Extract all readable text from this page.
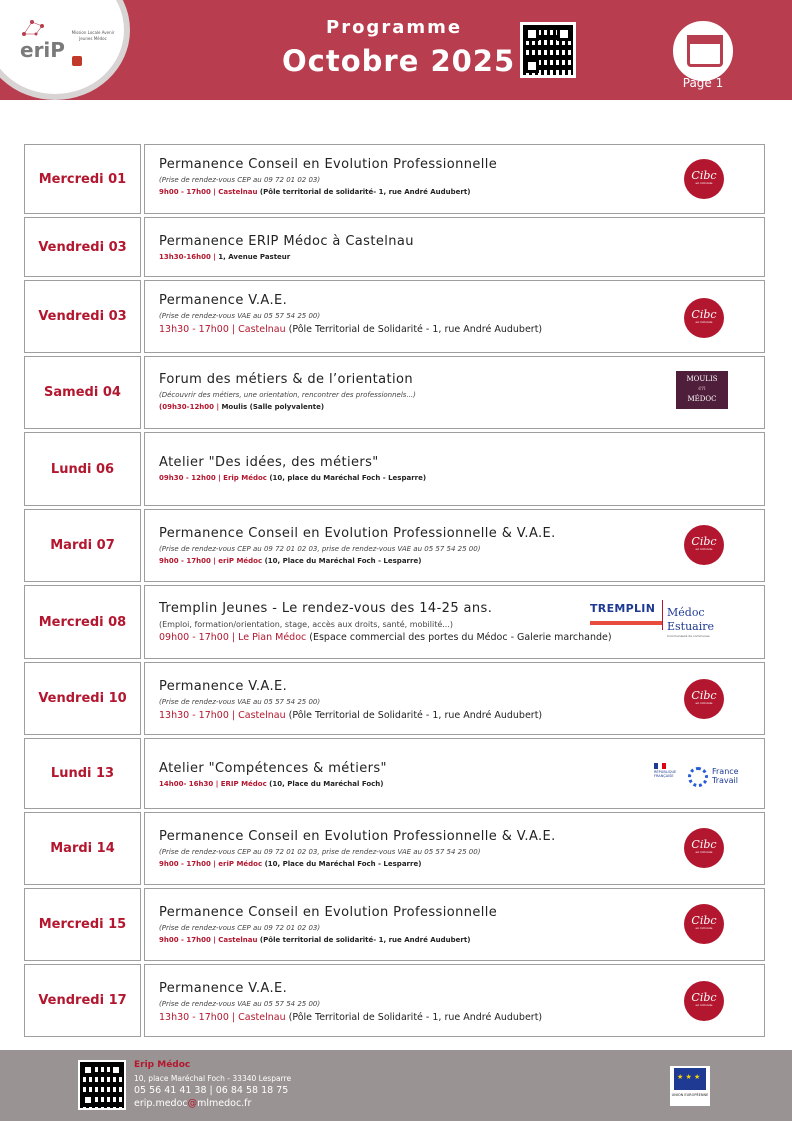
Programme
Octobre 2025
eriP
Mission Locale Avenir Jeunes Médoc
Page 1
Mercredi 01
Permanence Conseil en Evolution Professionnelle
(Prise de rendez-vous CEP au 09 72 01 02 03)
9h00 - 17h00 | Castelnau (Pôle territorial de solidarité- 1, rue André Audubert)
Cibc
en Gironde
Vendredi 03	Permanence ERIP Médoc à Castelnau
13h30-16h00 | 1, Avenue Pasteur
Vendredi 03
Permanence V.A.E.
(Prise de rendez-vous VAE au 05 57 54 25 00)
13h30 - 17h00 | Castelnau (Pôle Territorial de Solidarité - 1, rue André Audubert)
Cibc
en Gironde
Samedi 04
Forum des métiers & de l’orientation
(Découvrir des métiers, une orientation, rencontrer des professionnels...)
(09h30-12h00 | Moulis (Salle polyvalente)
MOULIS
en
MÉDOC
Lundi 06	Atelier "Des idées, des métiers"
09h30 - 12h00 | Erip Médoc (10, place du Maréchal Foch - Lesparre)
Mardi 07
Permanence Conseil en Evolution Professionnelle & V.A.E.
(Prise de rendez-vous CEP au 09 72 01 02 03, prise de rendez-vous VAE au 05 57 54 25 00)
9h00 - 17h00 | eriP Médoc (10, Place du Maréchal Foch - Lesparre)
Cibc
en Gironde
Mercredi 08
Tremplin Jeunes - Le rendez-vous des 14-25 ans.
(Emploi, formation/orientation, stage, accès aux droits, santé, mobilité...)
09h00 - 17h00 | Le Pian Médoc (Espace commercial des portes du Médoc - Galerie marchande)
TREMPLIN	Médoc Estuaire
Communauté de communes
Vendredi 10
Permanence V.A.E.
(Prise de rendez-vous VAE au 05 57 54 25 00)
13h30 - 17h00 | Castelnau (Pôle Territorial de Solidarité - 1, rue André Audubert)
Cibc
en Gironde
Lundi 13	Atelier "Compétences & métiers"
14h00- 16h30 | ERIP Médoc (10, Place du Maréchal Foch)
RÉPUBLIQUE FRANÇAISE	France
Travail
Mardi 14
Permanence Conseil en Evolution Professionnelle & V.A.E.
(Prise de rendez-vous CEP au 09 72 01 02 03, prise de rendez-vous VAE au 05 57 54 25 00)
9h00 - 17h00 | eriP Médoc (10, Place du Maréchal Foch - Lesparre)
Cibc
en Gironde
Mercredi 15
Permanence Conseil en Evolution Professionnelle
(Prise de rendez-vous CEP au 09 72 01 02 03)
9h00 - 17h00 | Castelnau (Pôle territorial de solidarité- 1, rue André Audubert)
Cibc
en Gironde
Vendredi 17
Permanence V.A.E.
(Prise de rendez-vous VAE au 05 57 54 25 00)
13h30 - 17h00 | Castelnau (Pôle Territorial de Solidarité - 1, rue André Audubert)
Cibc
en Gironde
Erip Médoc
10, place Maréchal Foch - 33340 Lesparre
05 56 41 41 38 | 06 84 58 18 75
erip.medoc@mlmedoc.fr
★ ★ ★
UNION EUROPÉENNE
